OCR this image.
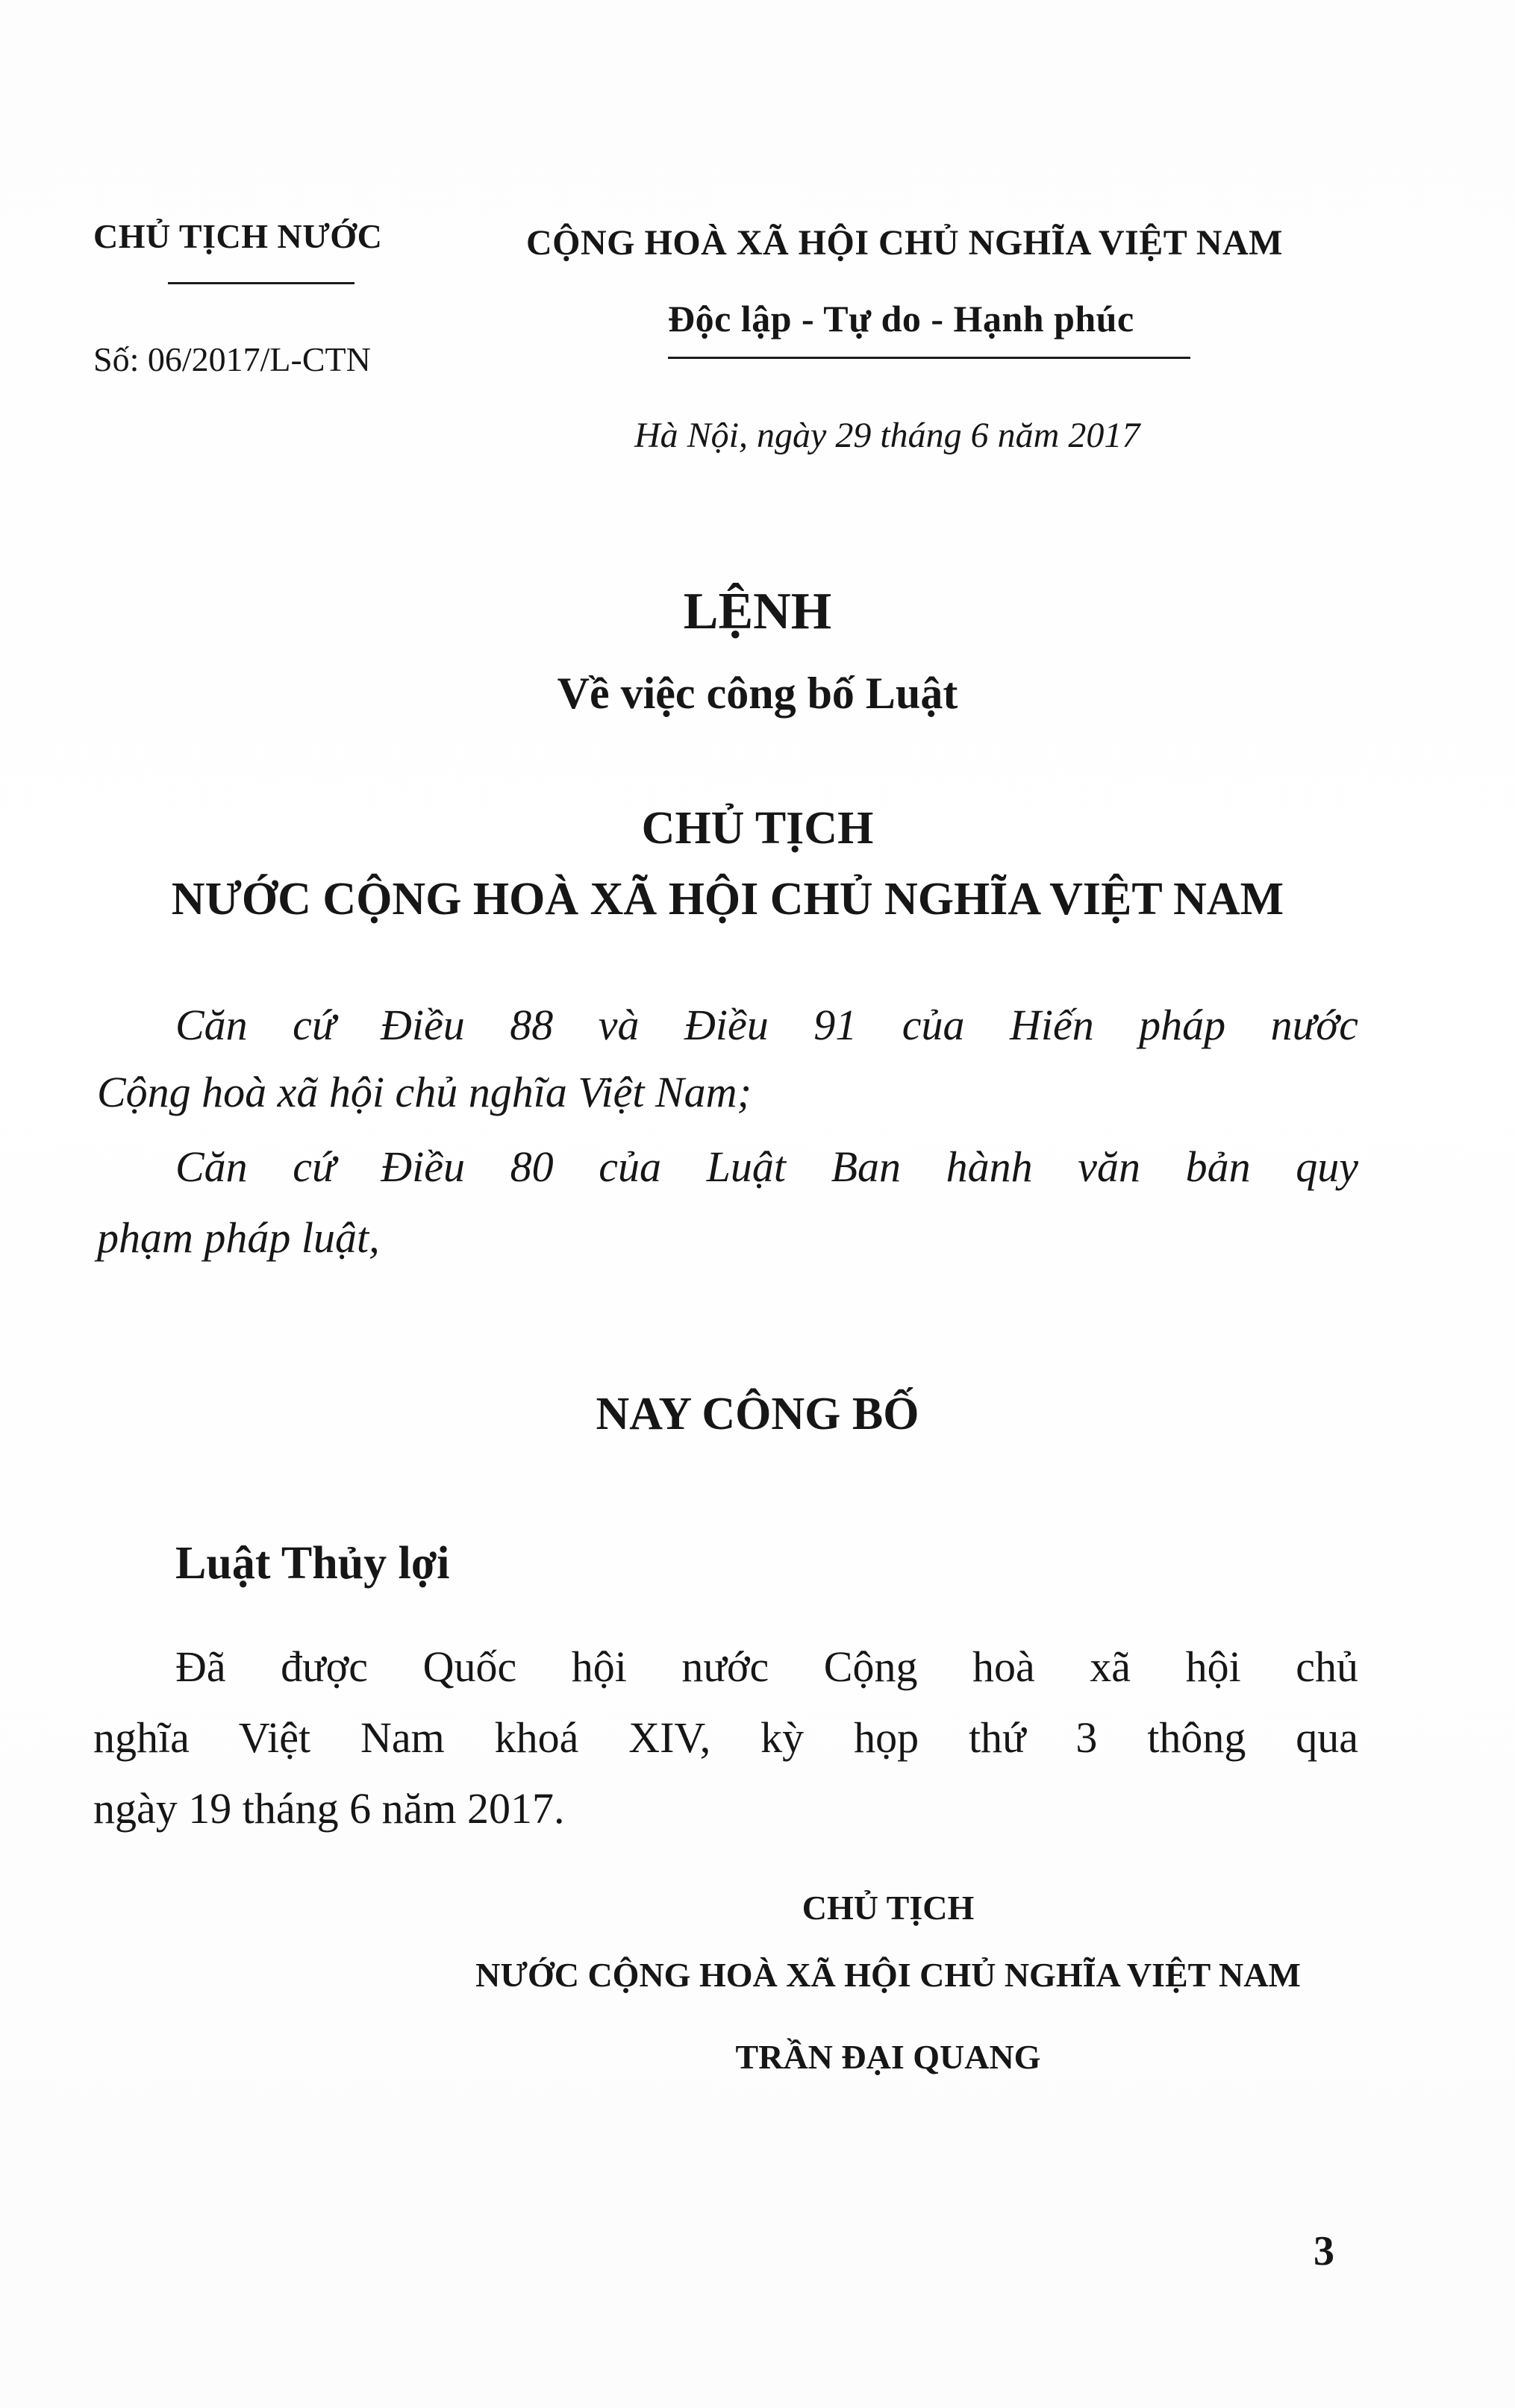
CHỦ TỊCH NƯỚC
Số: 06/2017/L-CTN
CỘNG HOÀ XÃ HỘI CHỦ NGHĨA VIỆT NAM
Độc lập - Tự do - Hạnh phúc
Hà Nội, ngày 29 tháng 6 năm 2017
LỆNH
Về việc công bố Luật
CHỦ TỊCH
NƯỚC CỘNG HOÀ XÃ HỘI CHỦ NGHĨA VIỆT NAM
Căn cứ Điều 88 và Điều 91 của Hiến pháp nước
Cộng hoà xã hội chủ nghĩa Việt Nam;
Căn cứ Điều 80 của Luật Ban hành văn bản quy
phạm pháp luật,
NAY CÔNG BỐ
Luật Thủy lợi
Đã được Quốc hội nước Cộng hoà xã hội chủ
nghĩa Việt Nam khoá XIV, kỳ họp thứ 3 thông qua
ngày 19 tháng 6 năm 2017.
CHỦ TỊCH
NƯỚC CỘNG HOÀ XÃ HỘI CHỦ NGHĨA VIỆT NAM
TRẦN ĐẠI QUANG
3
